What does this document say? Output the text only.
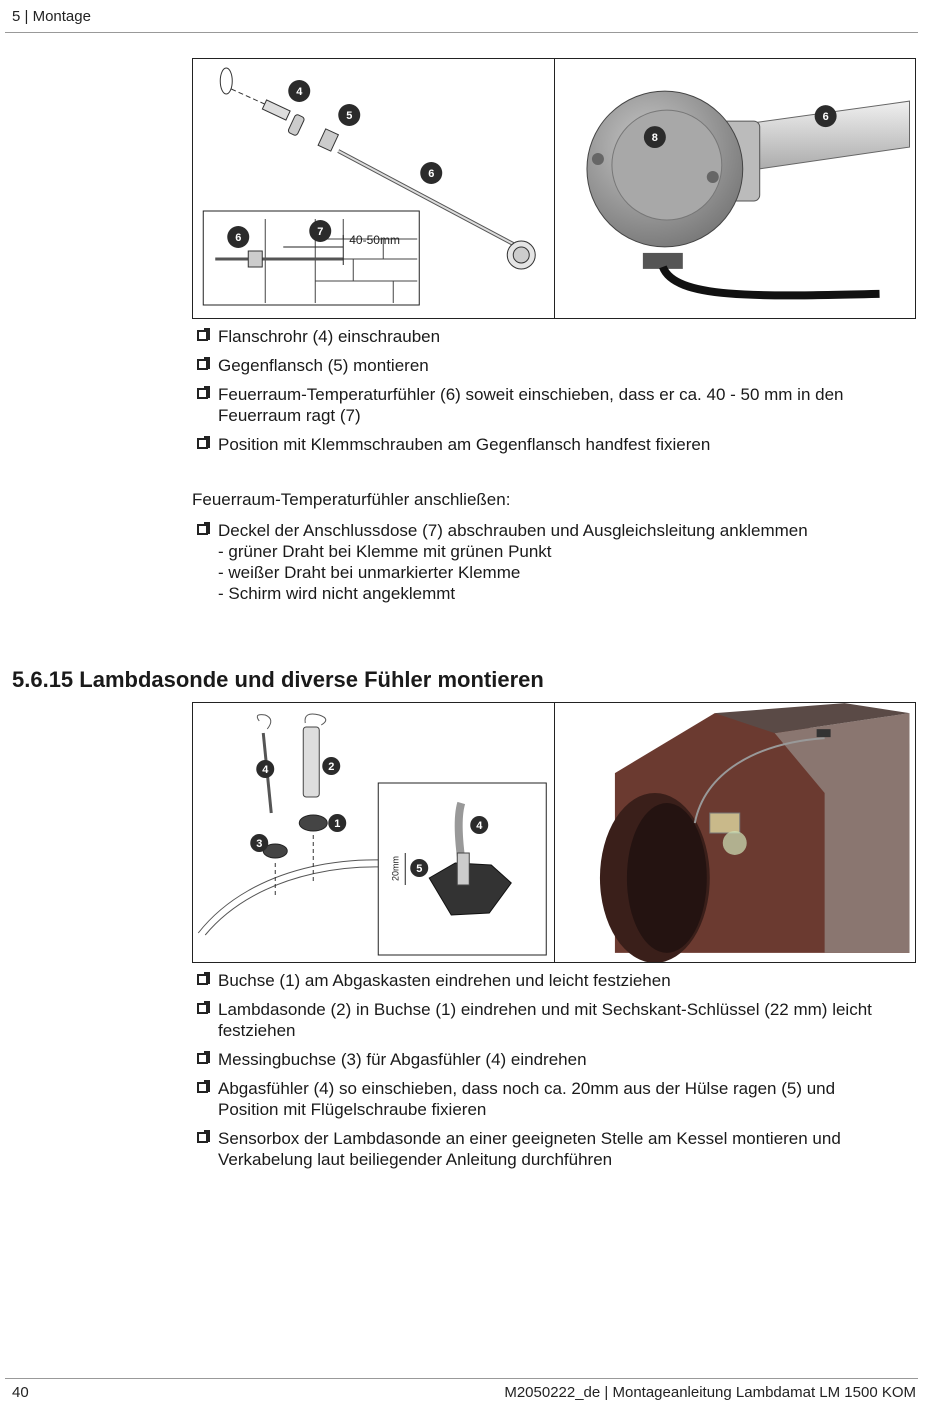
5 | Montage
40-50mm
4
5
6
6	7
8
6
Flanschrohr (4) einschrauben
Gegenflansch (5) montieren
Feuerraum-Temperaturfühler (6) soweit einschieben, dass er ca. 40 - 50 mm in den Feuerraum ragt (7)
Position mit Klemmschrauben am Gegenflansch handfest fixieren
Feuerraum-Temperaturfühler anschließen:
Deckel der Anschlussdose (7) abschrauben und Ausgleichsleitung anklemmen
- grüner Draht bei Klemme mit grünen Punkt
- weißer Draht bei unmarkierter Klemme
- Schirm wird nicht angeklemmt
5.6.15 Lambdasonde und diverse Fühler montieren
20mm
4	2
1
3
4
5
Buchse (1) am Abgaskasten eindrehen und leicht festziehen
Lambdasonde (2) in Buchse (1) eindrehen und mit Sechskant-Schlüssel (22 mm) leicht festziehen
Messingbuchse (3) für Abgasfühler (4) eindrehen
Abgasfühler (4) so einschieben, dass noch ca. 20mm aus der Hülse ragen (5) und Position mit Flügelschraube fixieren
Sensorbox der Lambdasonde an einer geeigneten Stelle am Kessel montieren und Verkabelung laut beiliegender Anleitung durchführen
40	M2050222_de | Montageanleitung Lambdamat LM 1500 KOM
